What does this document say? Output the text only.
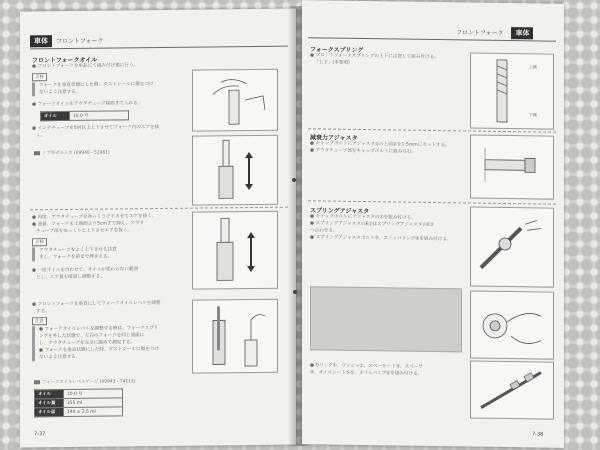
車体 フロントフォーク
フロントフォークオイル
● フロントフォークを単品にて組み付け後に行う。
点検
フォークを垂直状態にした時、ダストシールに傷をつけ
ないよう注意する。
● フォークオイルをアウタチューブ端面まで入れる。
オイル	10.0 号
● インナチューブを5回以上上下させてフォーク内のエアを抜
く。
ノブ外ボルトカ (09940 - 52861)
● 再度、アウタチューブをゆっくり上下させてエアを抜く。
● 油量、フォークを上端面より5cmまで抑え、アウタ
チューブ部をゆっくりと上下させエアを抜く。
点検
アウタチューブをよく上下させる注意
まし、フォークを前まで押さえる。
● 一度オイルを合わせて、オイルが変わらない範囲
とし、エア量を確認し調整する。
● フロントフォークを垂直にしてフォークオイルレベルを調整
する。
注意
● フォークオイルレベルを調整する時は、フォークスプリ
ングを外した状態で、左右のフォークを同じ油面に
し、アウタチューブを完全に縮めて測定する。
● フォークを垂直状態にした時、ダストシールに傷をつけ
ないよう注意する。
フォークオイルレベルゲージ (09943 - 74111)
オイル	10.0 号
オイル量	355 ml
オイル面	140 ± 2.5 ml
7-37
フロントフォーク 車体
フォークスプリング
● フロントフォークスプリングの上下に注意して組み付ける。
「上下」(本参照)
上側
下側
減衰力アジャスタ
● キャップボルトにアジャスタ①の上面②を1.5mmにセットする。
● アウタチューブ部をキャップボルトに組み込む。
スプリングアジャスタ
● キャップボルトにアジャスタの①を組み付ける。
● スプリングアジャスタのE①はスプリングアジャスタのE②
へ合わせる。
● スプリングアジャスタボルト③、ストッパリング④を組み付ける。
● Oリング①、ワッシャ②、スペーサート③、スペーサ
④、オイルシート⑤を、オイルパイプ⑥を組み付ける。
7-38
